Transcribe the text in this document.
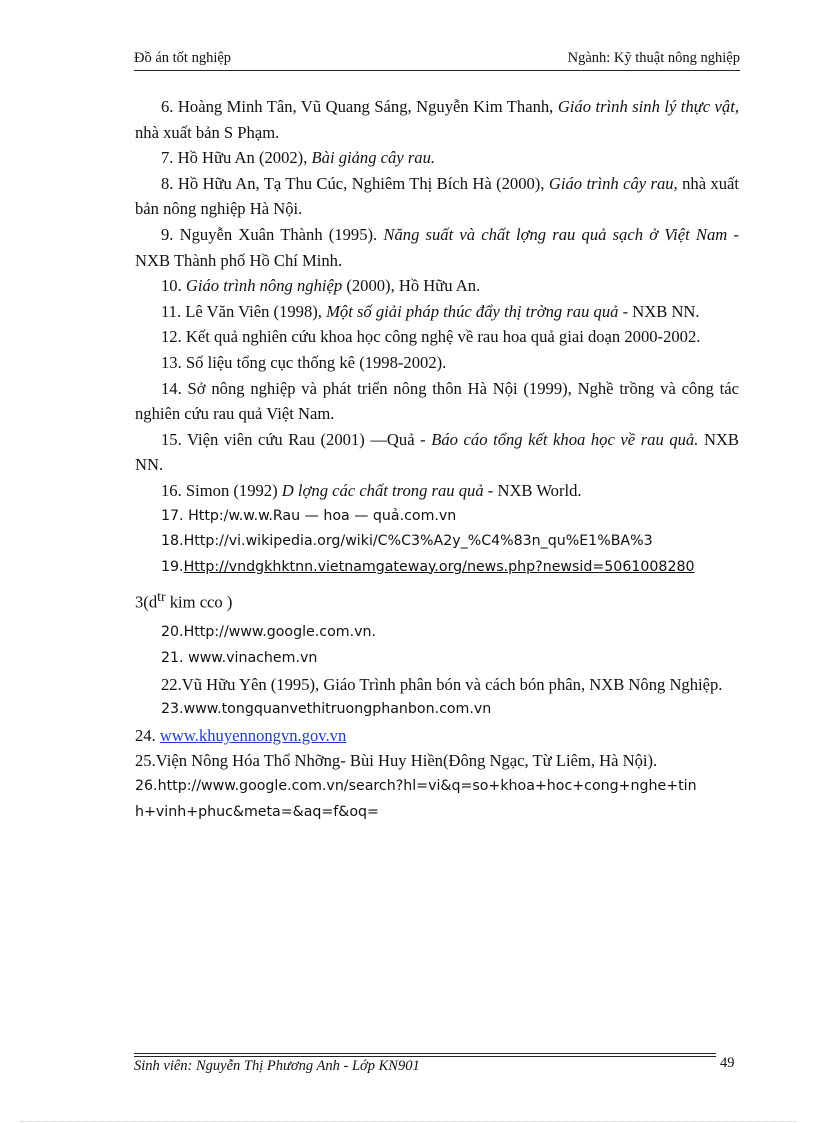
Đồ án tốt nghiệp	Ngành: Kỹ thuật nông nghiệp

6. Hoàng Minh Tân, Vũ Quang Sáng, Nguyễn Kim Thanh, Giáo trình sinh lý thực vật, nhà xuất bản S Phạm.

7. Hồ Hữu An (2002), Bài giảng cây rau.

8. Hồ Hữu An, Tạ Thu Cúc, Nghiêm Thị Bích Hà (2000), Giáo trình cây rau, nhà xuất bản nông nghiệp Hà Nội.

9. Nguyễn Xuân Thành (1995). Năng suất và chất lợng rau quả sạch ở Việt Nam - NXB Thành phố Hồ Chí Minh.

10. Giáo trình nông nghiệp (2000), Hồ Hữu An.

11. Lê Văn Viên (1998), Một số giải pháp thúc đẩy thị trờng rau quả - NXB NN.

12. Kết quả nghiên cứu khoa học công nghệ về rau hoa quả giai doạn 2000-2002.

13. Số liệu tổng cục thống kê (1998-2002).

14. Sở nông nghiệp và phát triển nông thôn Hà Nội (1999), Nghề trồng và công tác nghiên cứu rau quả Việt Nam.

15. Viện viên cứu Rau (2001) —Quả - Báo cáo tổng kết khoa học về rau quả. NXB NN.

16. Simon (1992) D lợng các chất trong rau quả - NXB World.

17. Http:/w.w.w.Rau — hoa — quả.com.vn

18.Http://vi.wikipedia.org/wiki/C%C3%A2y_%C4%83n_qu%E1%BA%3

19.Http://vndgkhktnn.vietnamgateway.org/news.php?newsid=5061008280

$3(d^{tr}$ kim cco )

20.Http://www.google.com.vn.

21. www.vinachem.vn

22.Vũ Hữu Yên (1995), Giáo Trình phân bón và cách bón phân, NXB Nông Nghiệp.

23.www.tongquanvethitruongphanbon.com.vn

24. www.khuyennongvn.gov.vn

25.Viện Nông Hóa Thổ Nhỡng- Bùi Huy Hiền(Đông Ngạc, Từ Liêm, Hà Nội).

26.http://www.google.com.vn/search?hl=vi&q=so+khoa+hoc+cong+nghe+tin

h+vinh+phuc&meta=&aq=f&oq=

Sinh viên: Nguyễn Thị Phương Anh - Lớp KN901	49
